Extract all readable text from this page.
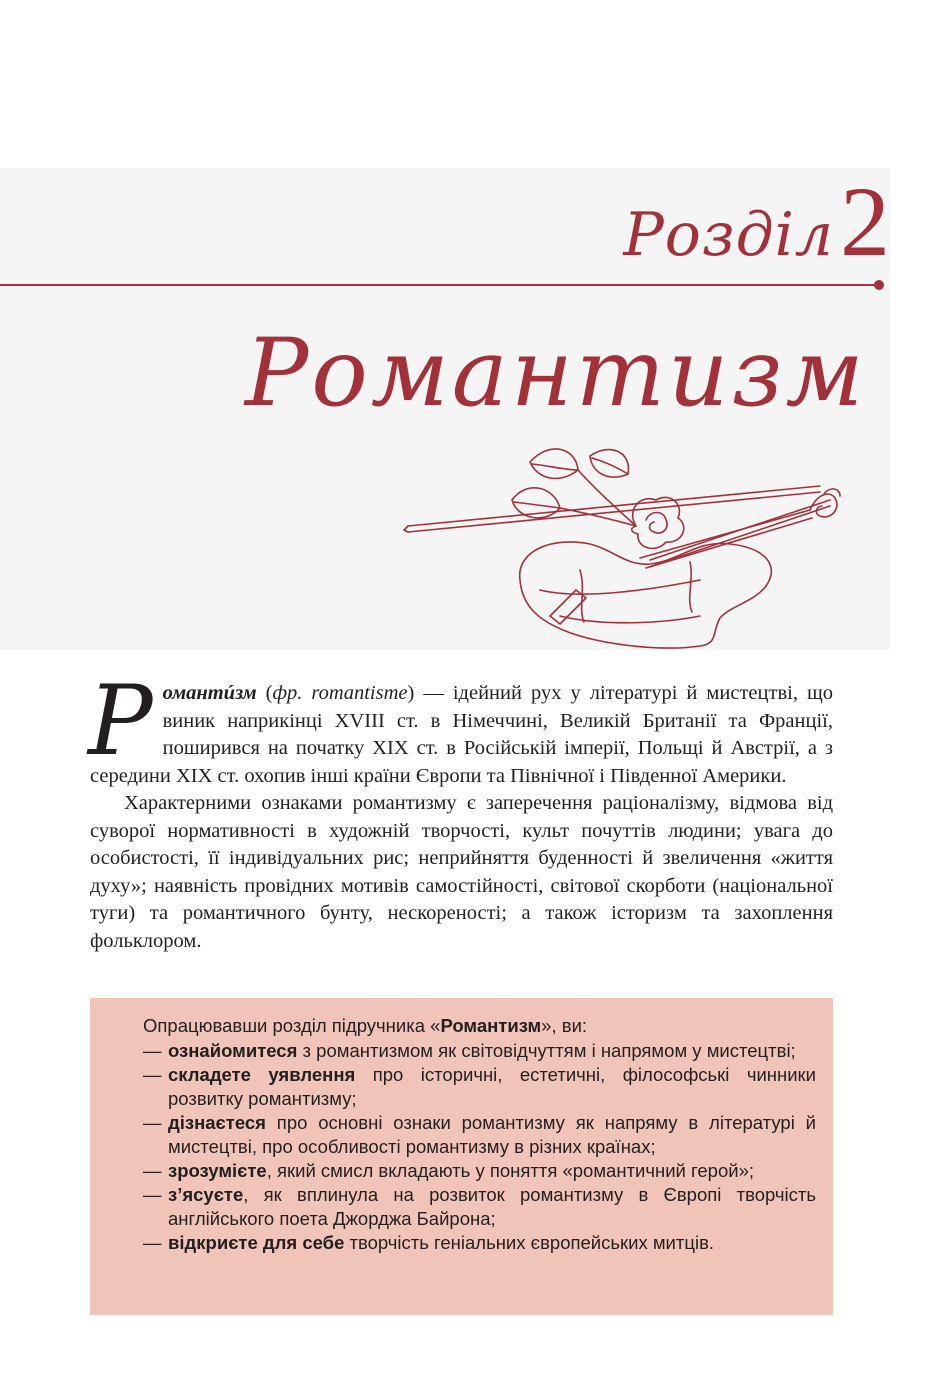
Розділ2
Романтизм

Романтúзм (фр. romantisme) — ідейний рух у літературі й мистецтві, що виник наприкінці XVIII ст. в Німеччині, Великій Британії та Франції, поширився на початку XIX ст. в Російській імперії, Польщі й Австрії, а з середини XIX ст. охопив інші країни Європи та Північної і Південної Америки.

Характерними ознаками романтизму є заперечення раціоналізму, відмова від суворої нормативності в художній творчості, культ почуттів людини; увага до особистості, її індивідуальних рис; неприйняття буденності й звеличення «життя духу»; наявність провідних мотивів самостійності, світової скорботи (національної туги) та романтичного бунту, нескореності; а також історизм та захоплення фольклором.

Опрацювавши розділ підручника «Романтизм», ви:

— ознайомитеся з романтизмом як світовідчуттям і напрямом у мистецтві;
— складете уявлення про історичні, естетичні, філософські чинники розвитку романтизму;
— дізнаєтеся про основні ознаки романтизму як напряму в літературі й мистецтві, про особливості романтизму в різних країнах;
— зрозумієте, який смисл вкладають у поняття «романтичний герой»;
— з’ясуєте, як вплинула на розвиток романтизму в Європі творчість англійського поета Джорджа Байрона;
— відкриєте для себе творчість геніальних європейських митців.
